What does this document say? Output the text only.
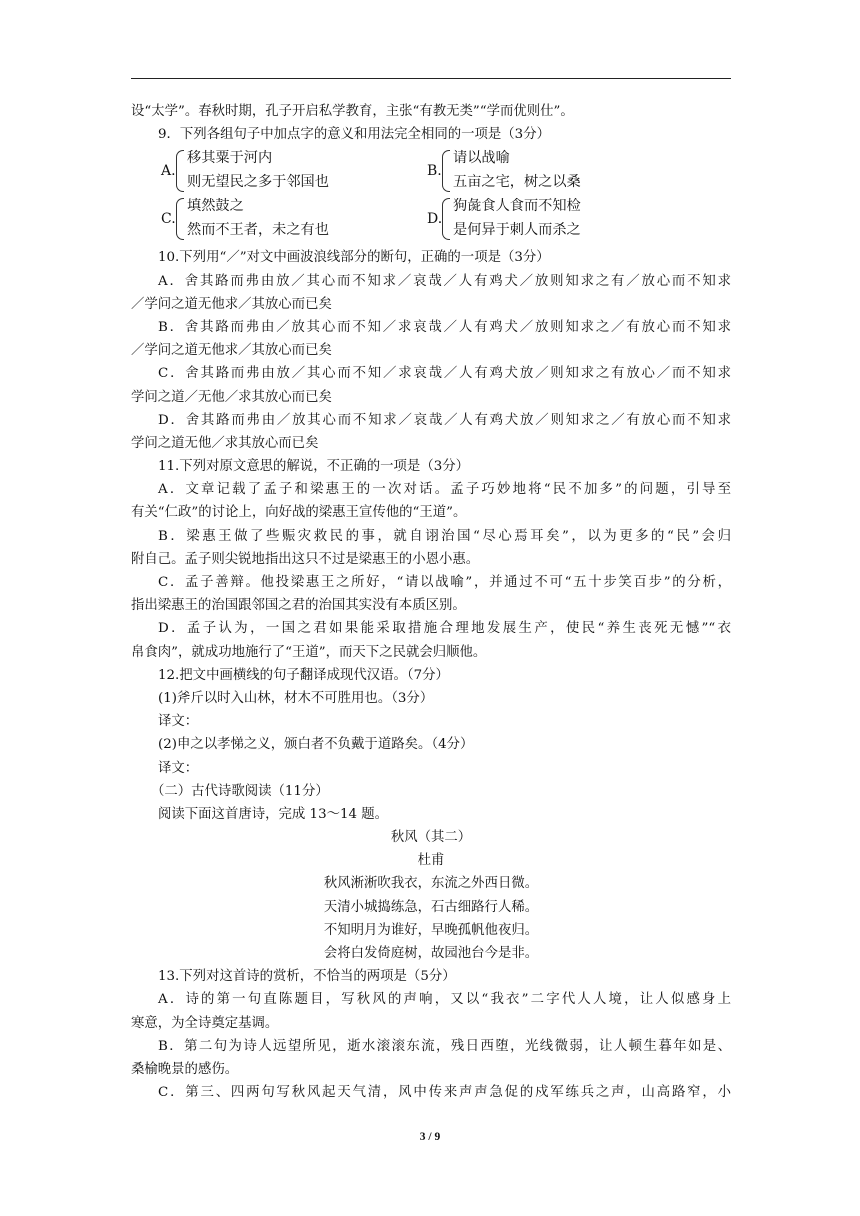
设“太学”。春秋时期，孔子开启私学教育，主张“有教无类”“学而优则仕”。
9．下列各组句子中加点字的意义和用法完全相同的一项是（3分）
A.
移其粟于河内
则无望民之多于邻国也
B.
请以战喻
五亩之宅，树之以桑
C.
填然鼓之
然而不王者，未之有也
D.
狗彘食人食而不知检
是何异于刺人而杀之
10.下列用“／”对文中画波浪线部分的断句，正确的一项是（3分）
A．舍其路而弗由放／其心而不知求／哀哉／人有鸡犬／放则知求之有／放心而不知求
／学问之道无他求／其放心而已矣
B．舍其路而弗由／放其心而不知／求哀哉／人有鸡犬／放则知求之／有放心而不知求
／学问之道无他求／其放心而已矣
C．舍其路而弗由放／其心而不知／求哀哉／人有鸡犬放／则知求之有放心／而不知求
学问之道／无他／求其放心而已矣
D．舍其路而弗由／放其心而不知求／哀哉／人有鸡犬放／则知求之／有放心而不知求
学问之道无他／求其放心而已矣
11.下列对原文意思的解说，不正确的一项是（3分）
A．文章记载了孟子和梁惠王的一次对话。孟子巧妙地将“民不加多”的问题，引导至
有关“仁政”的讨论上，向好战的梁惠王宣传他的“王道”。
B．梁惠王做了些赈灾救民的事，就自诩治国“尽心焉耳矣”，以为更多的“民”会归
附自己。孟子则尖锐地指出这只不过是梁惠王的小恩小惠。
C．孟子善辩。他投梁惠王之所好，“请以战喻”，并通过不可“五十步笑百步”的分析，
指出梁惠王的治国跟邻国之君的治国其实没有本质区别。
D．孟子认为，一国之君如果能采取措施合理地发展生产，使民“养生丧死无憾”“衣
帛食肉”，就成功地施行了“王道”，而天下之民就会归顺他。
12.把文中画横线的句子翻译成现代汉语。（7分）
(1)斧斤以时入山林，材木不可胜用也。（3分）
译文：
(2)申之以孝悌之义，颁白者不负戴于道路矣。（4分）
译文：
（二）古代诗歌阅读（11分）
阅读下面这首唐诗，完成 13～14 题。
秋风（其二）
杜甫
秋风淅淅吹我衣，东流之外西日微。
天清小城捣练急，石古细路行人稀。
不知明月为谁好，早晚孤帆他夜归。
会将白发倚庭树，故园池台今是非。
13.下列对这首诗的赏析，不恰当的两项是（5分）
A．诗的第一句直陈题目，写秋风的声响，又以“我衣”二字代人人境，让人似感身上
寒意，为全诗奠定基调。
B．第二句为诗人远望所见，逝水滚滚东流，残日西堕，光线微弱，让人顿生暮年如是、
桑榆晚景的感伤。
C．第三、四两句写秋风起天气清，风中传来声声急促的戍军练兵之声，山高路窄，小
3 / 9
